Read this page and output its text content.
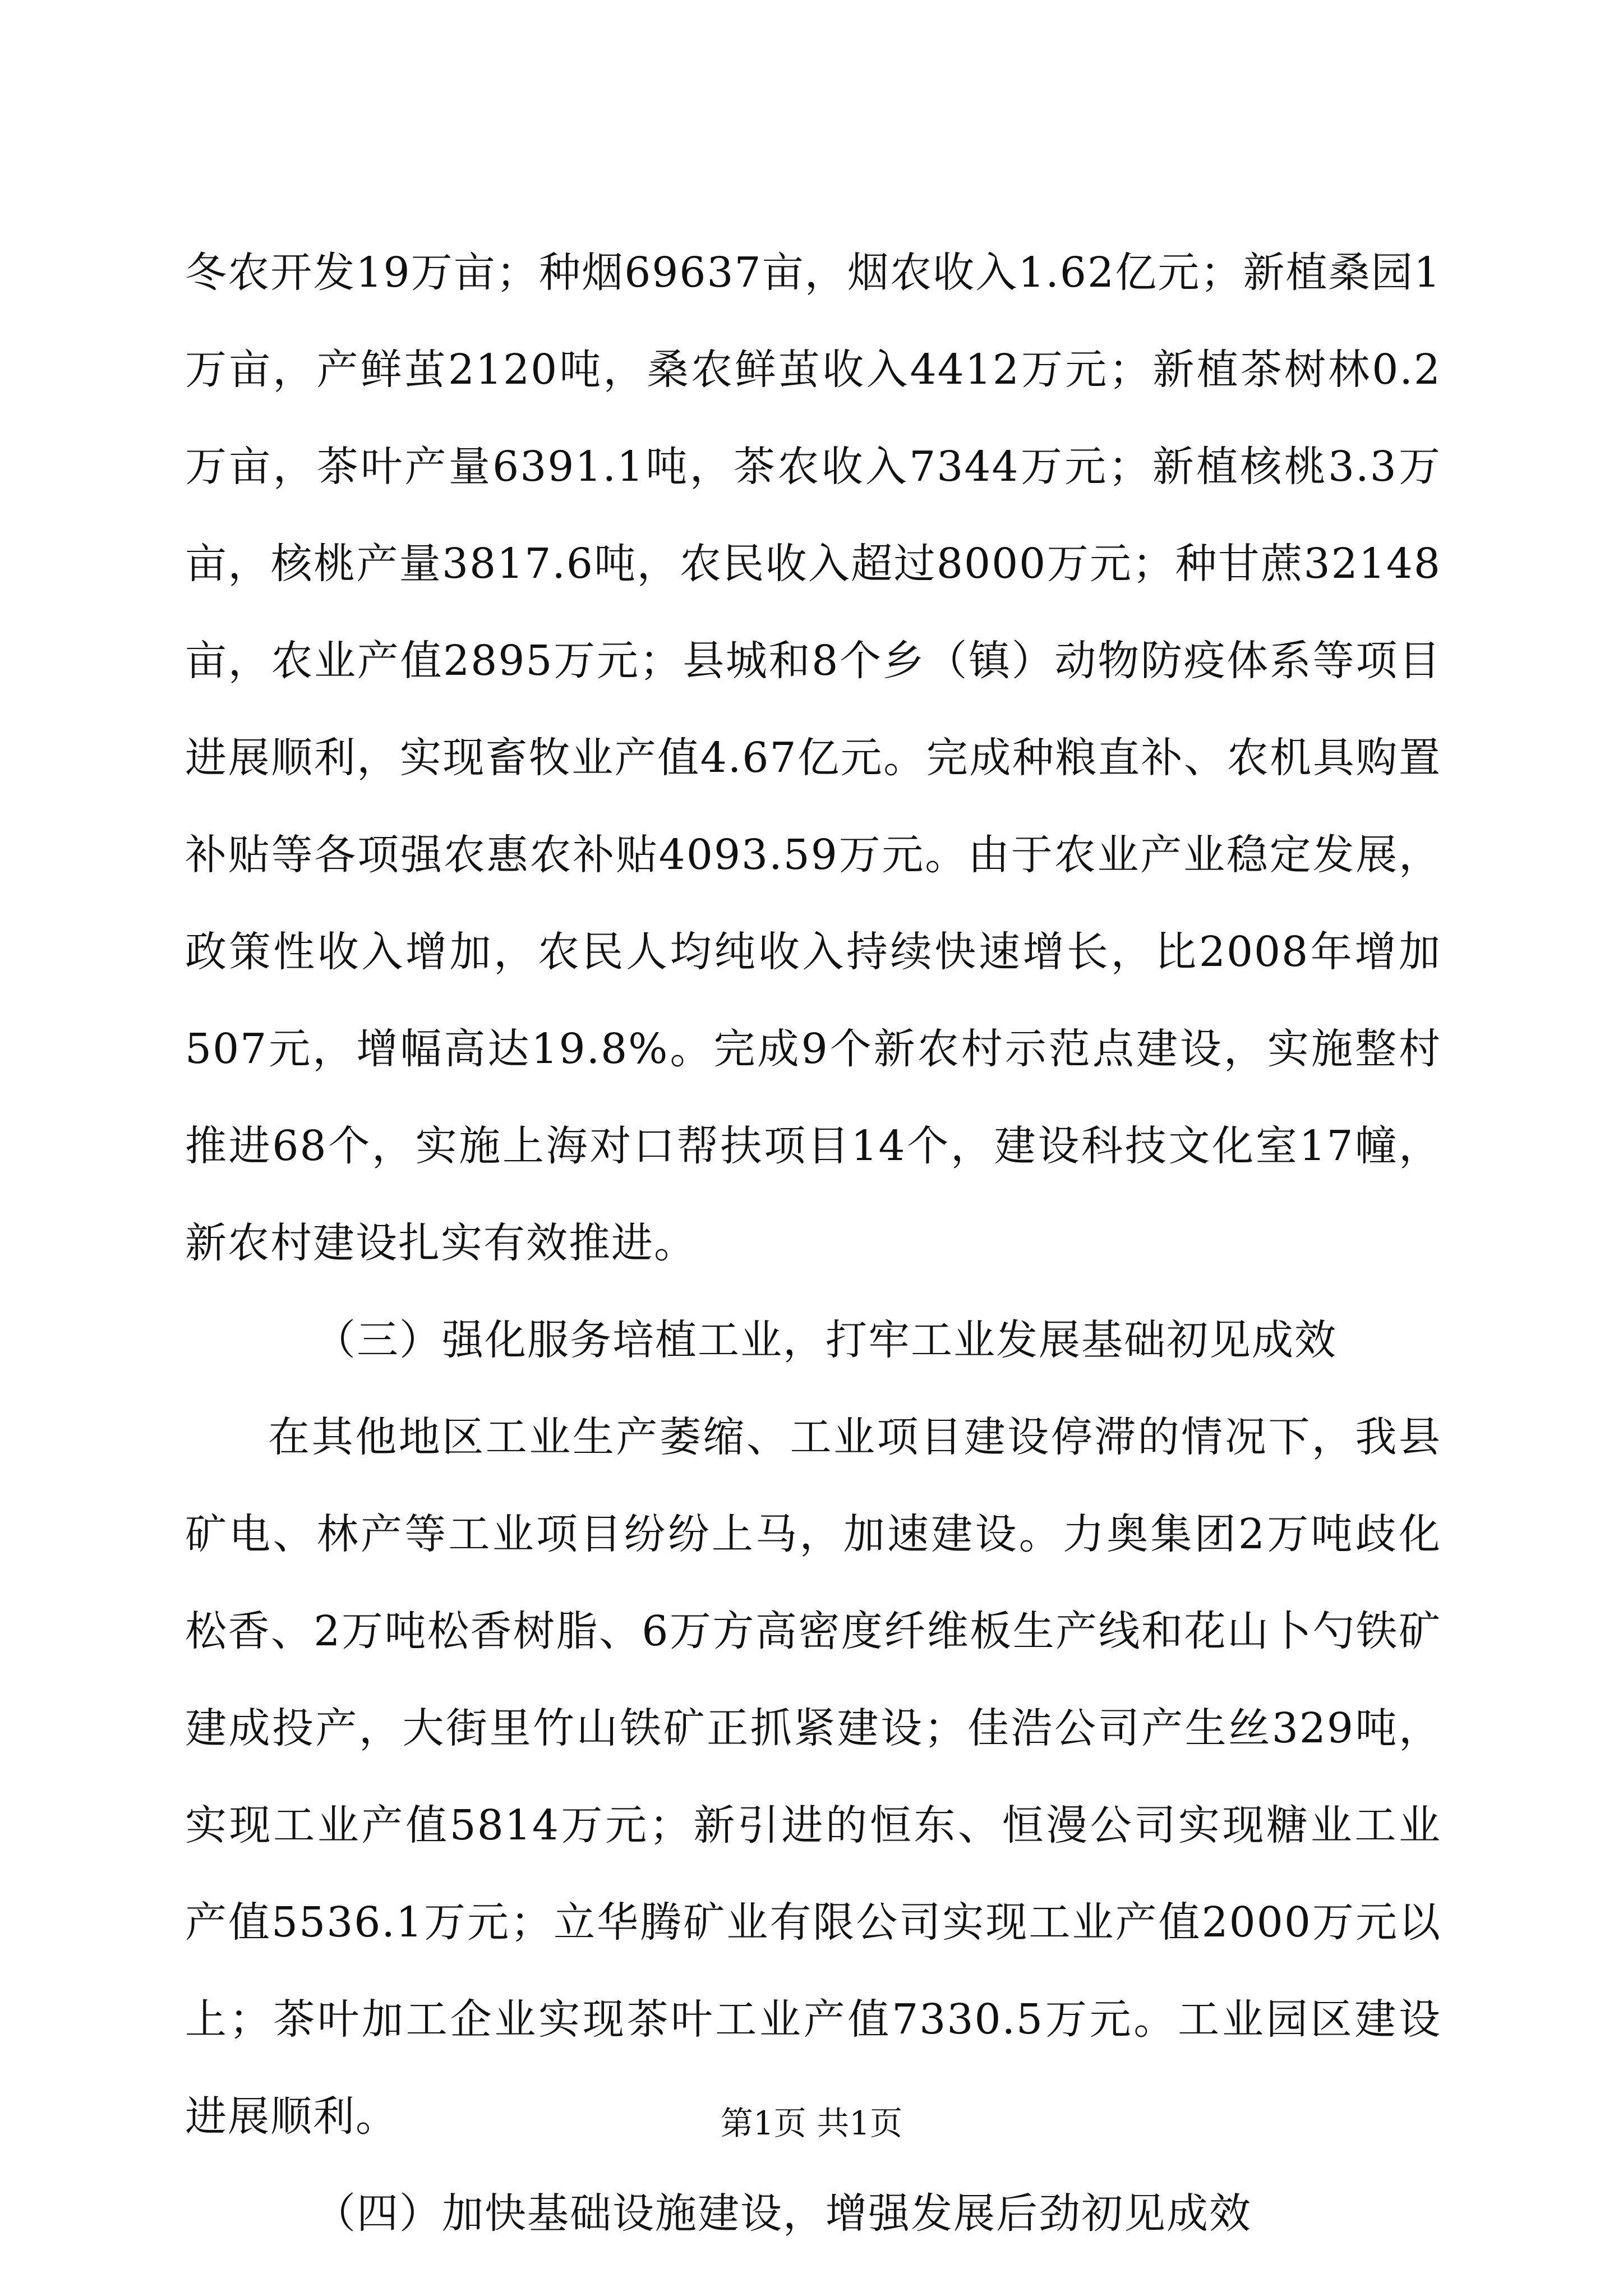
冬农开发19万亩；种烟69637亩，烟农收入1.62亿元；新植桑园1万亩，产鲜茧2120吨，桑农鲜茧收入4412万元；新植茶树林0.2万亩，茶叶产量6391.1吨，茶农收入7344万元；新植核桃3.3万亩，核桃产量3817.6吨，农民收入超过8000万元；种甘蔗32148亩，农业产值2895万元；县城和8个乡（镇）动物防疫体系等项目进展顺利，实现畜牧业产值4.67亿元。完成种粮直补、农机具购置补贴等各项强农惠农补贴4093.59万元。由于农业产业稳定发展，政策性收入增加，农民人均纯收入持续快速增长，比2008年增加507元，增幅高达19.8%。完成9个新农村示范点建设，实施整村推进68个，实施上海对口帮扶项目14个，建设科技文化室17幢，新农村建设扎实有效推进。

（三）强化服务培植工业，打牢工业发展基础初见成效

在其他地区工业生产萎缩、工业项目建设停滞的情况下，我县矿电、林产等工业项目纷纷上马，加速建设。力奥集团2万吨歧化松香、2万吨松香树脂、6万方高密度纤维板生产线和花山卜勺铁矿建成投产，大街里竹山铁矿正抓紧建设；佳浩公司产生丝329吨，实现工业产值5814万元；新引进的恒东、恒漫公司实现糖业工业产值5536.1万元；立华腾矿业有限公司实现工业产值2000万元以上；茶叶加工企业实现茶叶工业产值7330.5万元。工业园区建设进展顺利。

（四）加快基础设施建设，增强发展后劲初见成效

第1页 共1页
